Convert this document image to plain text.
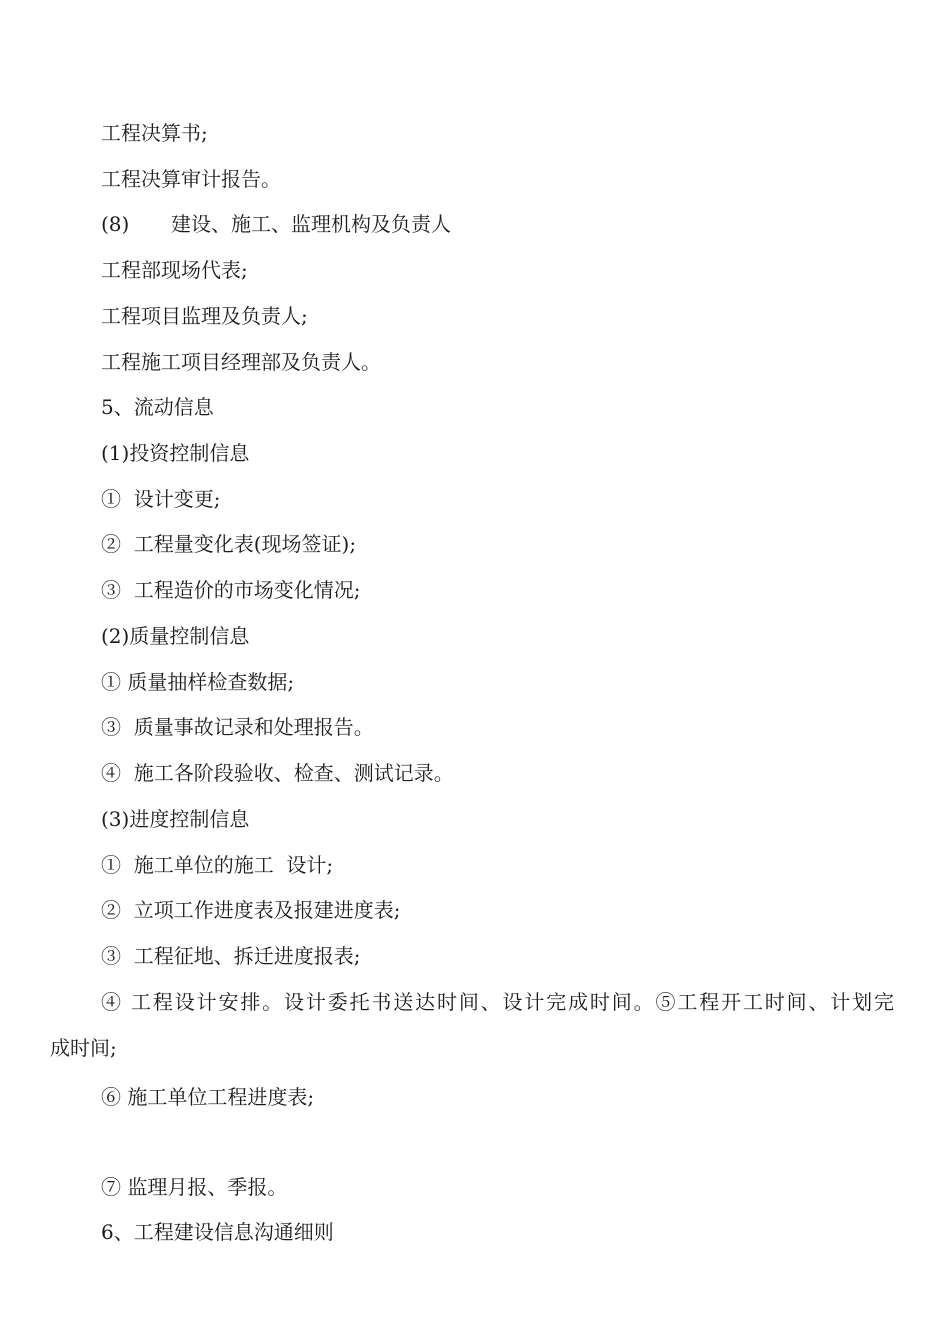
工程决算书;
工程决算审计报告。
(8) 建设、施工、监理机构及负责人
工程部现场代表;
工程项目监理及负责人;
工程施工项目经理部及负责人。
5、流动信息
(1)投资控制信息
①  设计变更;
②  工程量变化表(现场签证);
③  工程造价的市场变化情况;
(2)质量控制信息
① 质量抽样检查数据;
③  质量事故记录和处理报告。
④  施工各阶段验收、检查、测试记录。
(3)进度控制信息
①  施工单位的施工  设计;
②  立项工作进度表及报建进度表;
③  工程征地、拆迁进度报表;
④ 工程设计安排。设计委托书送达时间、设计完成时间。⑤工程开工时间、计划完
成时间;
⑥ 施工单位工程进度表;
⑦ 监理月报、季报。
6、工程建设信息沟通细则
